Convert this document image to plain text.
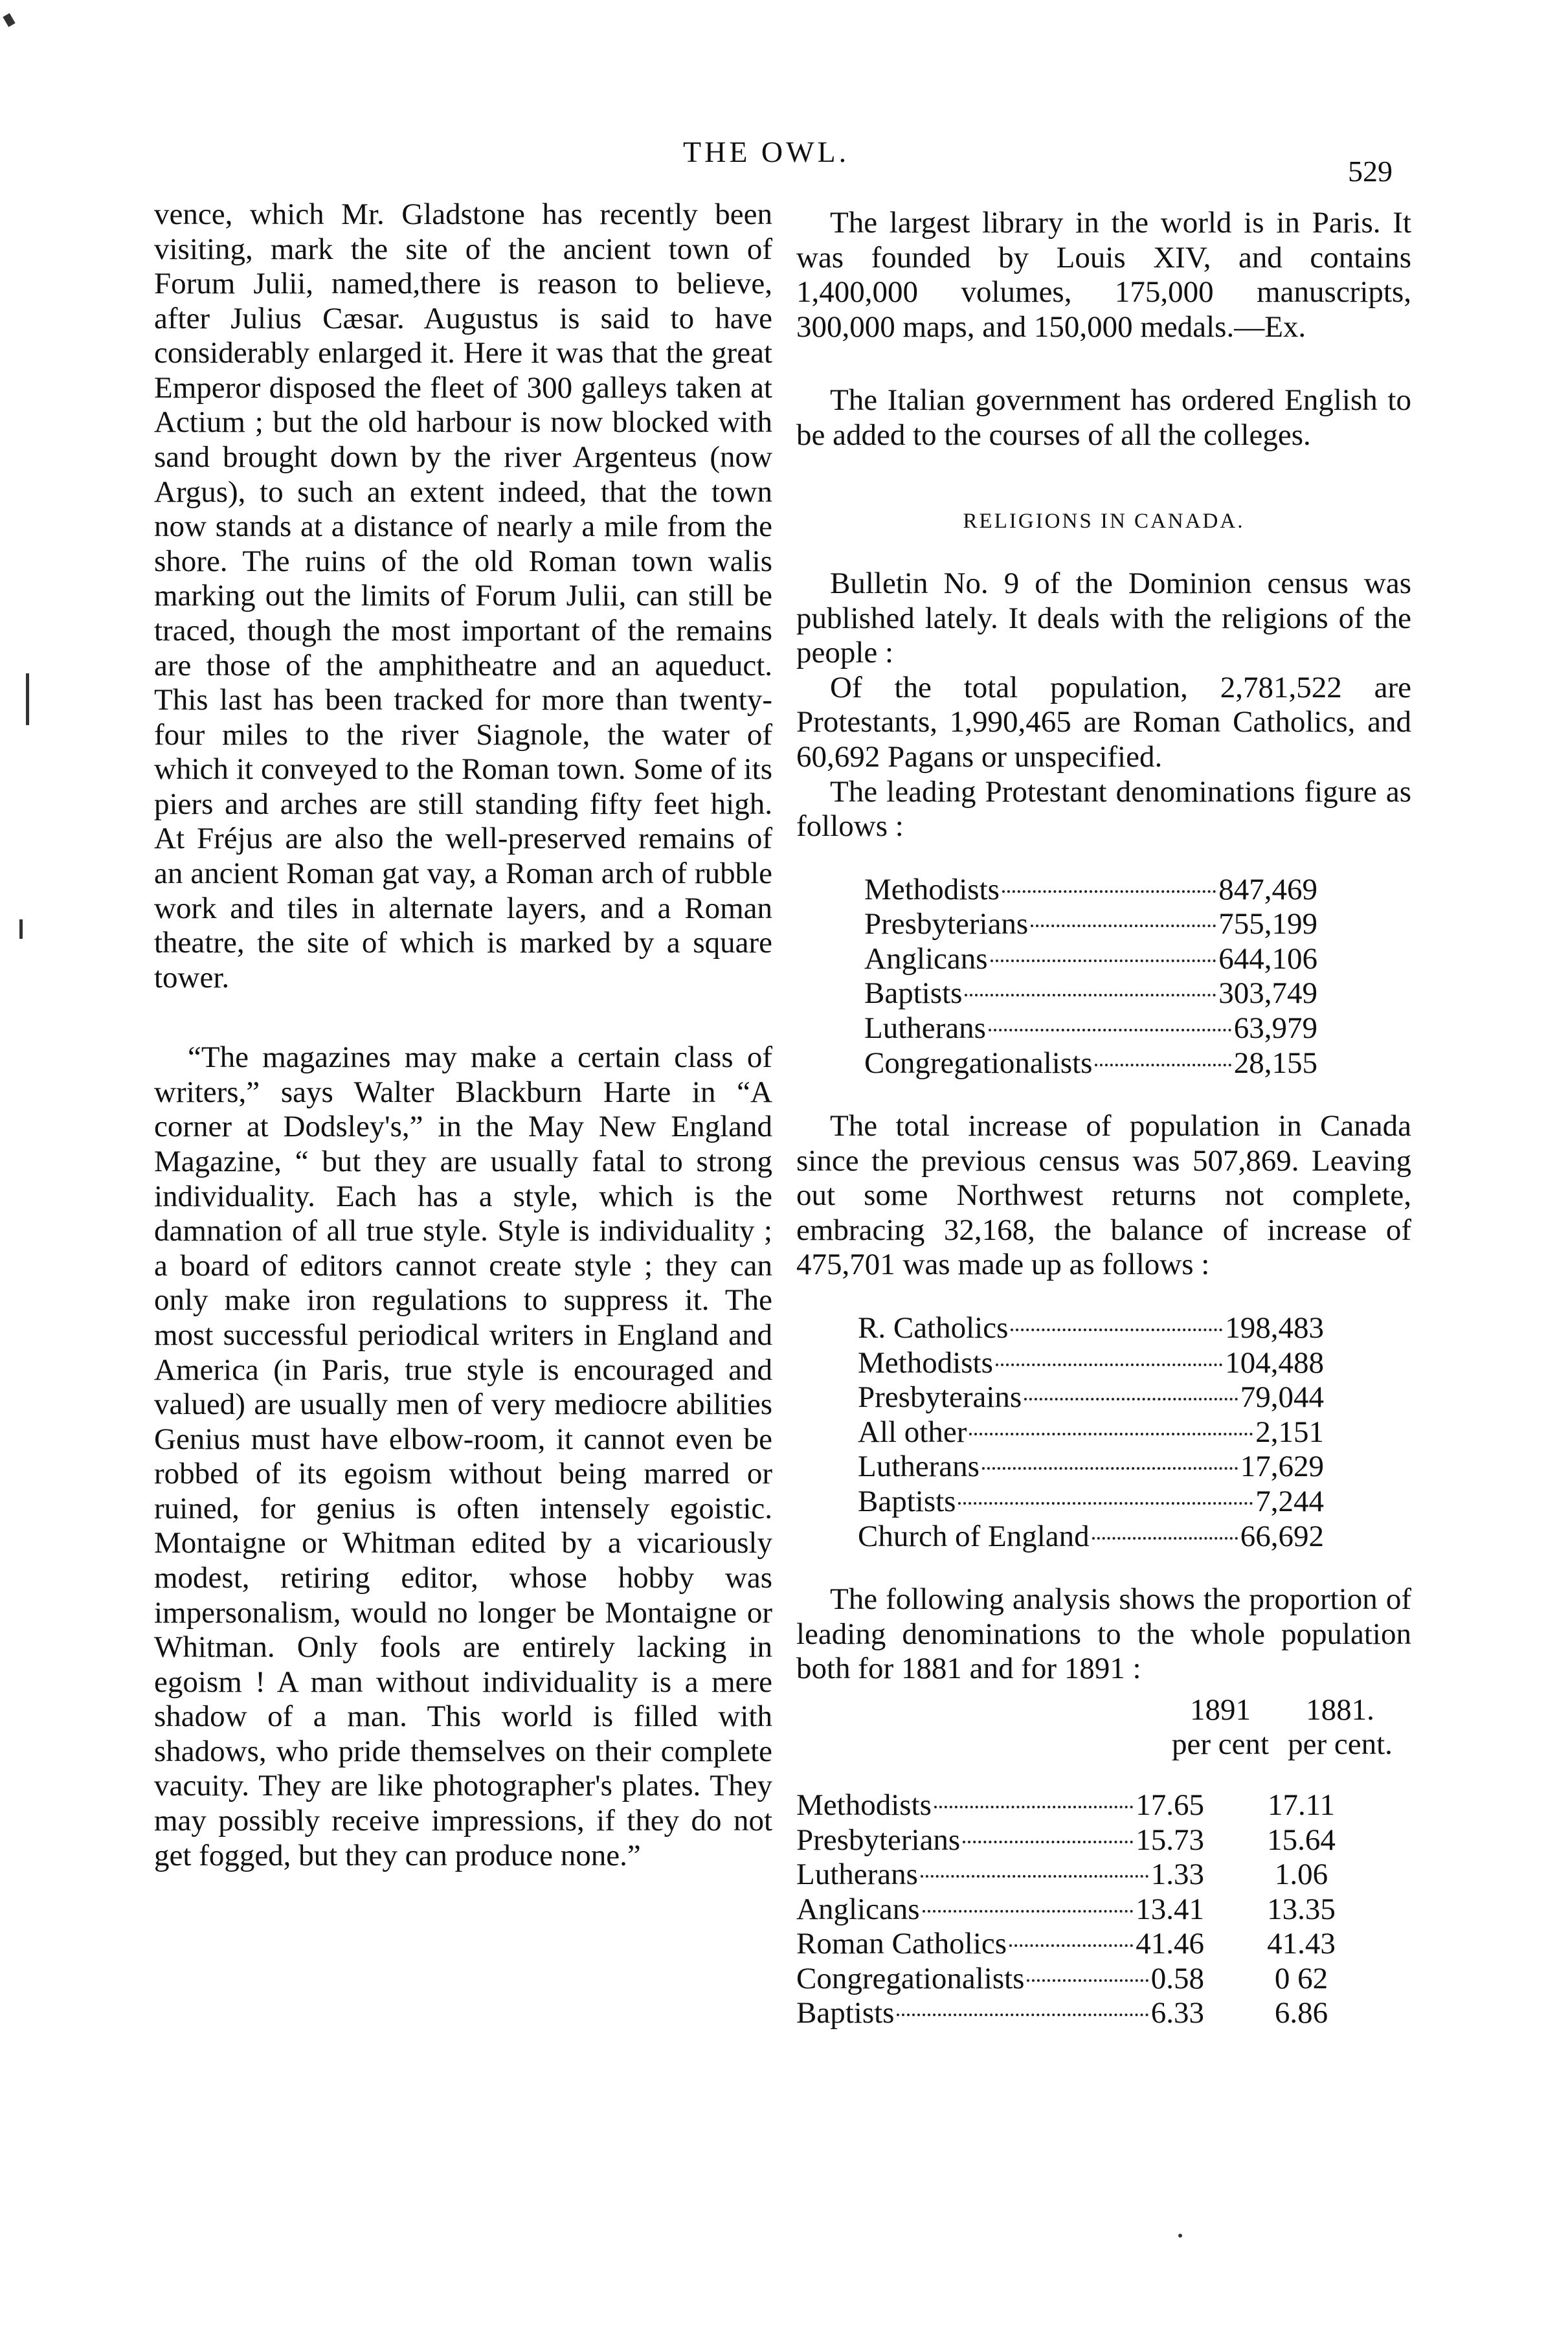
THE OWL.
529

vence, which Mr. Gladstone has recently been visiting, mark the site of the ancient town of Forum Julii, named,there is reason to believe, after Julius Cæsar. Augustus is said to have considerably enlarged it. Here it was that the great Emperor disposed the fleet of 300 galleys taken at Actium ; but the old harbour is now blocked with sand brought down by the river Argenteus (now Argus), to such an extent indeed, that the town now stands at a distance of nearly a mile from the shore. The ruins of the old Roman town walis marking out the limits of Forum Julii, can still be traced, though the most important of the remains are those of the amphitheatre and an aqueduct. This last has been tracked for more than twenty-four miles to the river Siagnole, the water of which it conveyed to the Roman town. Some of its piers and arches are still standing fifty feet high. At Fréjus are also the well-preserved remains of an ancient Roman gat vay, a Roman arch of rubble work and tiles in alternate layers, and a Roman theatre, the site of which is marked by a square tower.

“The magazines may make a certain class of writers,” says Walter Blackburn Harte in “A corner at Dodsley's,” in the May New England Magazine, “ but they are usually fatal to strong individuality. Each has a style, which is the damnation of all true style. Style is individuality ; a board of editors cannot create style ; they can only make iron regulations to suppress it. The most successful periodical writers in England and America (in Paris, true style is encouraged and valued) are usually men of very mediocre abilities Genius must have elbow-room, it cannot even be robbed of its egoism without being marred or ruined, for genius is often intensely egoistic. Montaigne or Whitman edited by a vicariously modest, retiring editor, whose hobby was impersonalism, would no longer be Montaigne or Whitman. Only fools are entirely lacking in egoism ! A man without individuality is a mere shadow of a man. This world is filled with shadows, who pride themselves on their complete vacuity. They are like photographer's plates. They may possibly receive impressions, if they do not get fogged, but they can produce none.”

The largest library in the world is in Paris. It was founded by Louis XIV, and contains 1,400,000 volumes, 175,000 manuscripts, 300,000 maps, and 150,000 medals.—Ex.

The Italian government has ordered English to be added to the courses of all the colleges.

RELIGIONS IN CANADA.

Bulletin No. 9 of the Dominion census was published lately. It deals with the religions of the people :

Of the total population, 2,781,522 are Protestants, 1,990,465 are Roman Catholics, and 60,692 Pagans or unspecified.

The leading Protestant denominations figure as follows :

Methodists	847,469
Presbyterians	755,199
Anglicans	644,106
Baptists	303,749
Lutherans	63,979
Congregationalists	28,155

The total increase of population in Canada since the previous census was 507,869. Leaving out some Northwest returns not complete, embracing 32,168, the balance of increase of 475,701 was made up as follows :

R. Catholics	198,483
Methodists	104,488
Presbyterains	79,044
All other	2,151
Lutherans	17,629
Baptists	7,244
Church of England	66,692

The following analysis shows the proportion of leading denominations to the whole population both for 1881 and for 1891 :

1891	1881.
per cent per cent.
Methodists	17.65	17.11
Presbyterians	15.73	15.64
Lutherans	1.33	1.06
Anglicans	13.41	13.35
Roman Catholics	41.46	41.43
Congregationalists	0.58	0 62
Baptists	6.33	6.86
